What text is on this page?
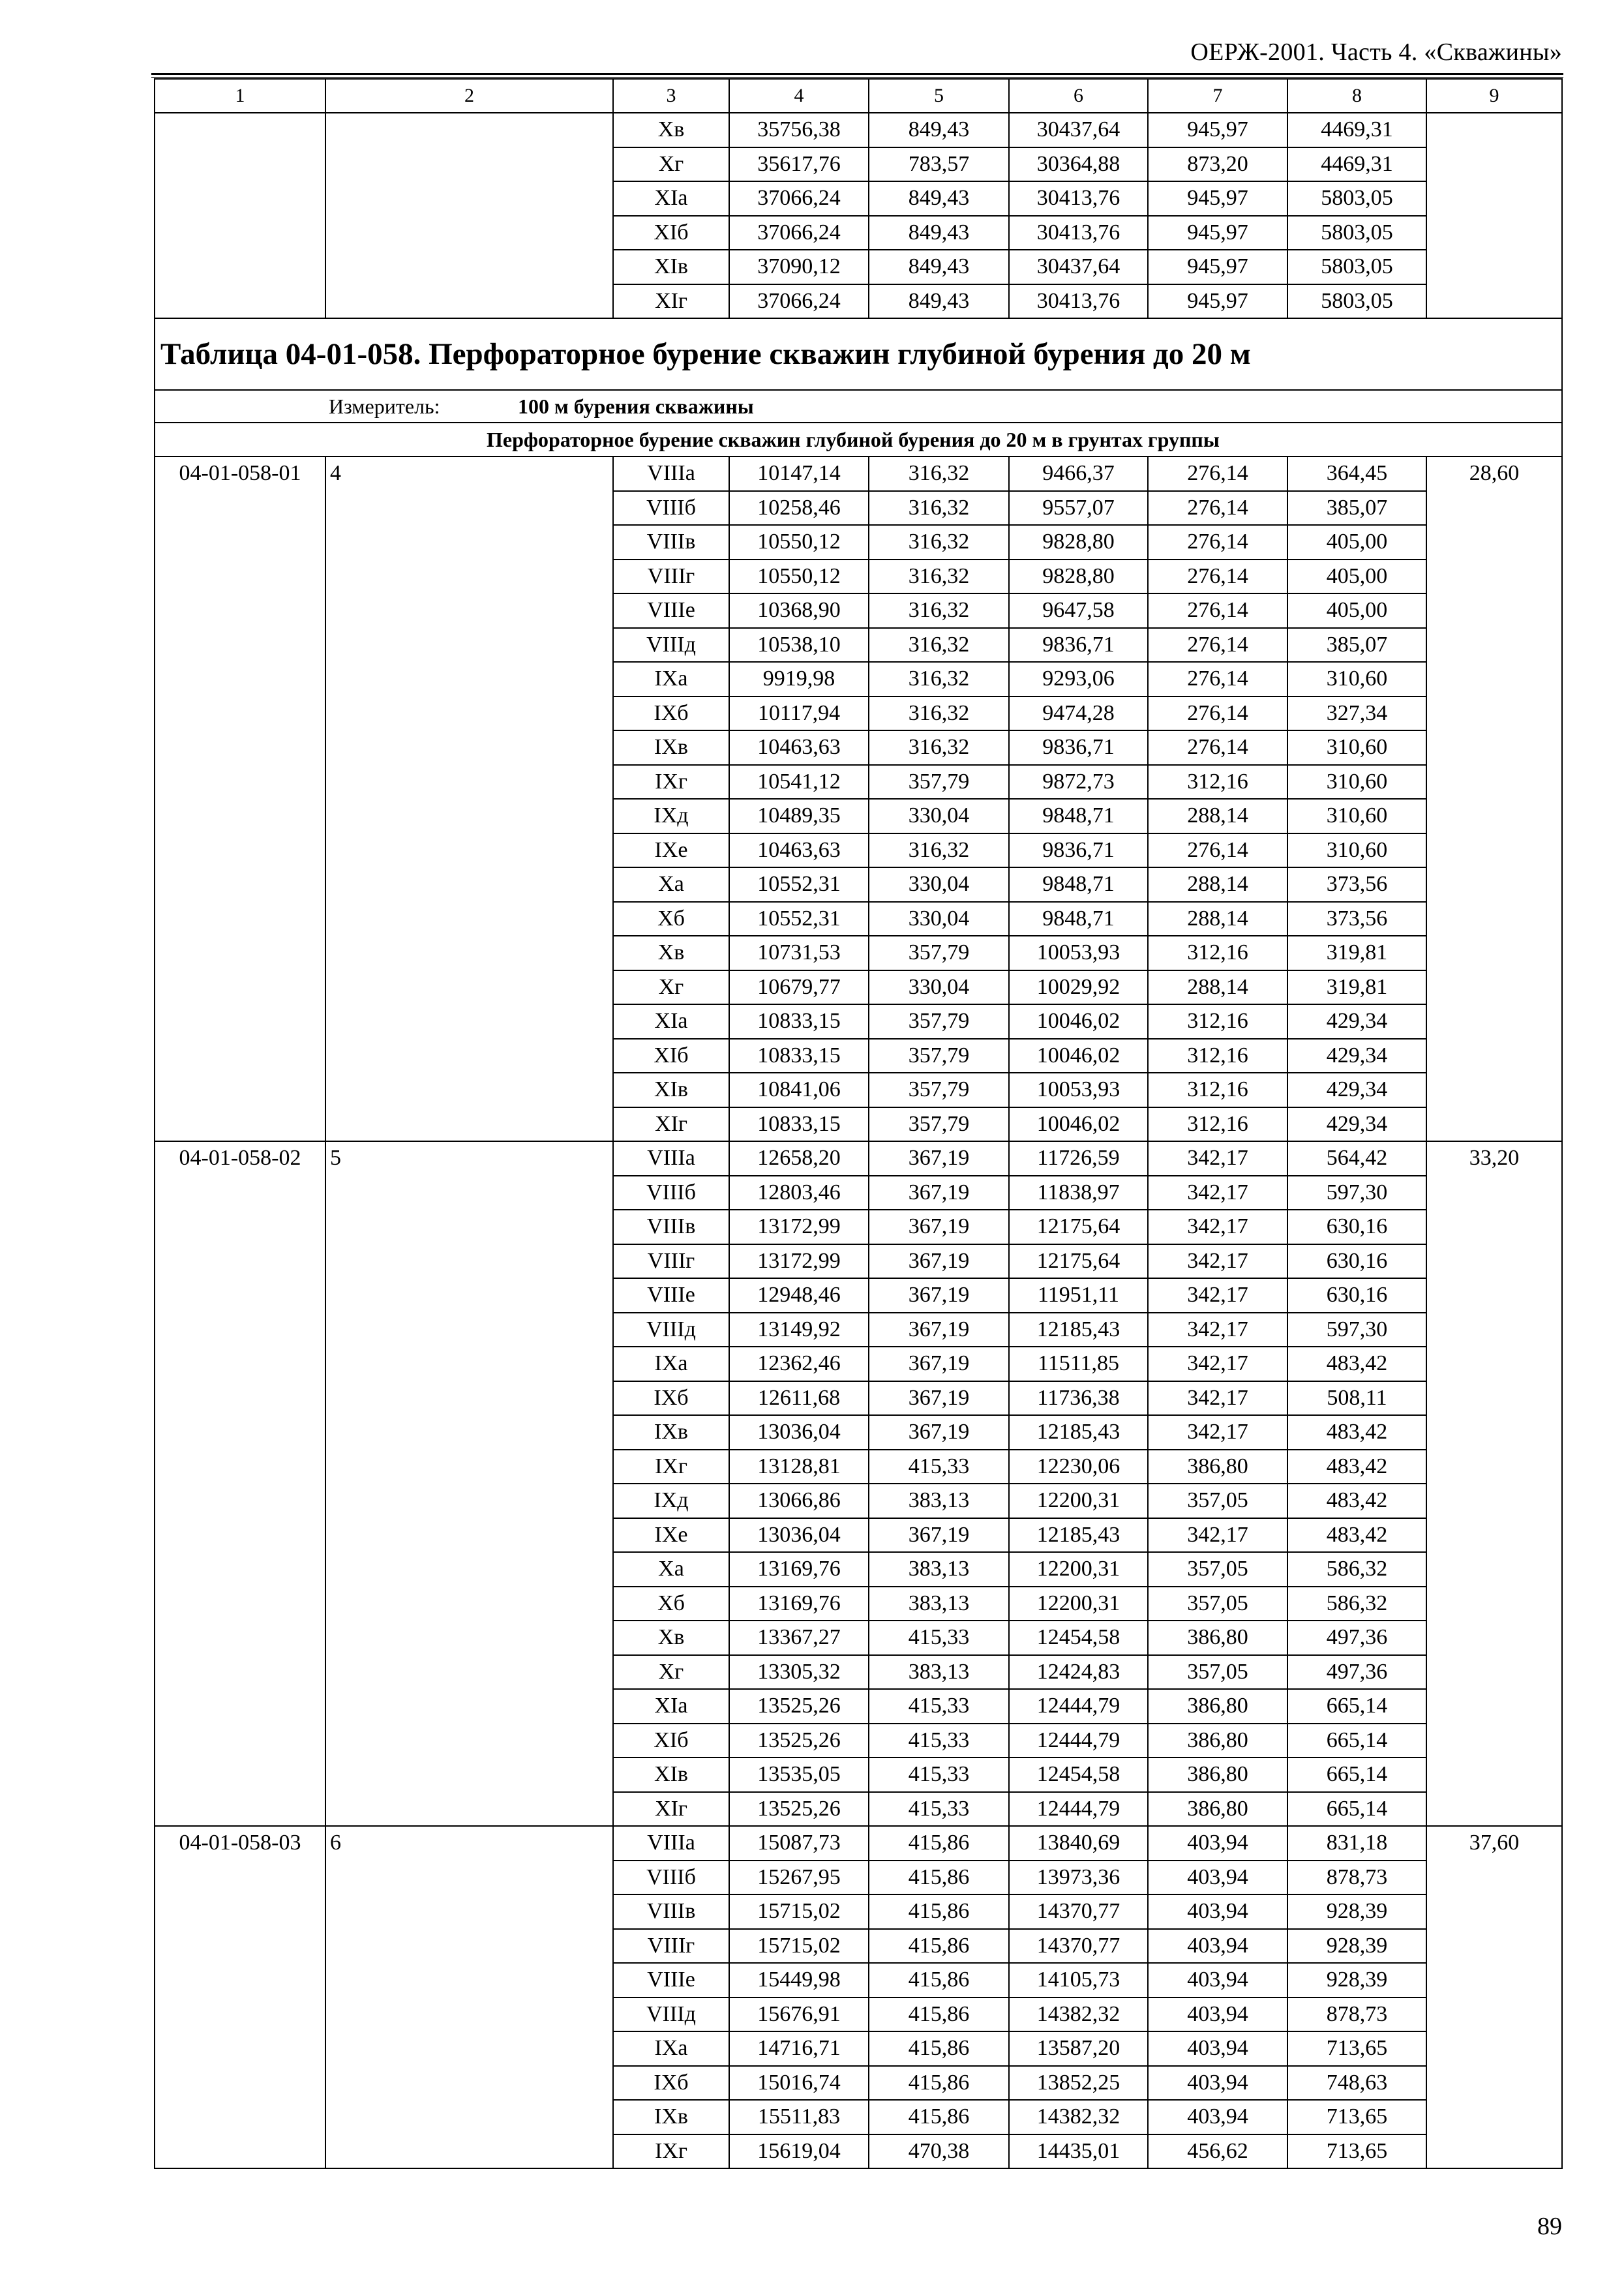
ОЕРЖ-2001. Часть 4. «Скважины»
1	2	3	4	5	6	7	8	9
		Хв	35756,38	849,43	30437,64	945,97	4469,31	
		Хг	35617,76	783,57	30364,88	873,20	4469,31	
		ХIа	37066,24	849,43	30413,76	945,97	5803,05	
		ХIб	37066,24	849,43	30413,76	945,97	5803,05	
		ХIв	37090,12	849,43	30437,64	945,97	5803,05	
		ХIг	37066,24	849,43	30413,76	945,97	5803,05	
Таблица 04-01-058. Перфораторное бурение скважин глубиной бурения до 20 м								
Измеритель: 100 м бурения скважины								
Перфораторное бурение скважин глубиной бурения до 20 м в грунтах группы								
04-01-058-01	4	VIIIа	10147,14	316,32	9466,37	276,14	364,45	28,60
		VIIIб	10258,46	316,32	9557,07	276,14	385,07	
		VIIIв	10550,12	316,32	9828,80	276,14	405,00	
		VIIIг	10550,12	316,32	9828,80	276,14	405,00	
		VIIIе	10368,90	316,32	9647,58	276,14	405,00	
		VIIIд	10538,10	316,32	9836,71	276,14	385,07	
		IХа	9919,98	316,32	9293,06	276,14	310,60	
		IХб	10117,94	316,32	9474,28	276,14	327,34	
		IХв	10463,63	316,32	9836,71	276,14	310,60	
		IХг	10541,12	357,79	9872,73	312,16	310,60	
		IХд	10489,35	330,04	9848,71	288,14	310,60	
		IХе	10463,63	316,32	9836,71	276,14	310,60	
		Ха	10552,31	330,04	9848,71	288,14	373,56	
		Хб	10552,31	330,04	9848,71	288,14	373,56	
		Хв	10731,53	357,79	10053,93	312,16	319,81	
		Хг	10679,77	330,04	10029,92	288,14	319,81	
		ХIа	10833,15	357,79	10046,02	312,16	429,34	
		ХIб	10833,15	357,79	10046,02	312,16	429,34	
		ХIв	10841,06	357,79	10053,93	312,16	429,34	
		ХIг	10833,15	357,79	10046,02	312,16	429,34	
04-01-058-02	5	VIIIа	12658,20	367,19	11726,59	342,17	564,42	33,20
		VIIIб	12803,46	367,19	11838,97	342,17	597,30	
		VIIIв	13172,99	367,19	12175,64	342,17	630,16	
		VIIIг	13172,99	367,19	12175,64	342,17	630,16	
		VIIIе	12948,46	367,19	11951,11	342,17	630,16	
		VIIIд	13149,92	367,19	12185,43	342,17	597,30	
		IХа	12362,46	367,19	11511,85	342,17	483,42	
		IХб	12611,68	367,19	11736,38	342,17	508,11	
		IХв	13036,04	367,19	12185,43	342,17	483,42	
		IХг	13128,81	415,33	12230,06	386,80	483,42	
		IХд	13066,86	383,13	12200,31	357,05	483,42	
		IХе	13036,04	367,19	12185,43	342,17	483,42	
		Ха	13169,76	383,13	12200,31	357,05	586,32	
		Хб	13169,76	383,13	12200,31	357,05	586,32	
		Хв	13367,27	415,33	12454,58	386,80	497,36	
		Хг	13305,32	383,13	12424,83	357,05	497,36	
		ХIа	13525,26	415,33	12444,79	386,80	665,14	
		ХIб	13525,26	415,33	12444,79	386,80	665,14	
		ХIв	13535,05	415,33	12454,58	386,80	665,14	
		ХIг	13525,26	415,33	12444,79	386,80	665,14	
04-01-058-03	6	VIIIа	15087,73	415,86	13840,69	403,94	831,18	37,60
		VIIIб	15267,95	415,86	13973,36	403,94	878,73	
		VIIIв	15715,02	415,86	14370,77	403,94	928,39	
		VIIIг	15715,02	415,86	14370,77	403,94	928,39	
		VIIIе	15449,98	415,86	14105,73	403,94	928,39	
		VIIIд	15676,91	415,86	14382,32	403,94	878,73	
		IХа	14716,71	415,86	13587,20	403,94	713,65	
		IХб	15016,74	415,86	13852,25	403,94	748,63	
		IХв	15511,83	415,86	14382,32	403,94	713,65	
		IХг	15619,04	470,38	14435,01	456,62	713,65	
89
